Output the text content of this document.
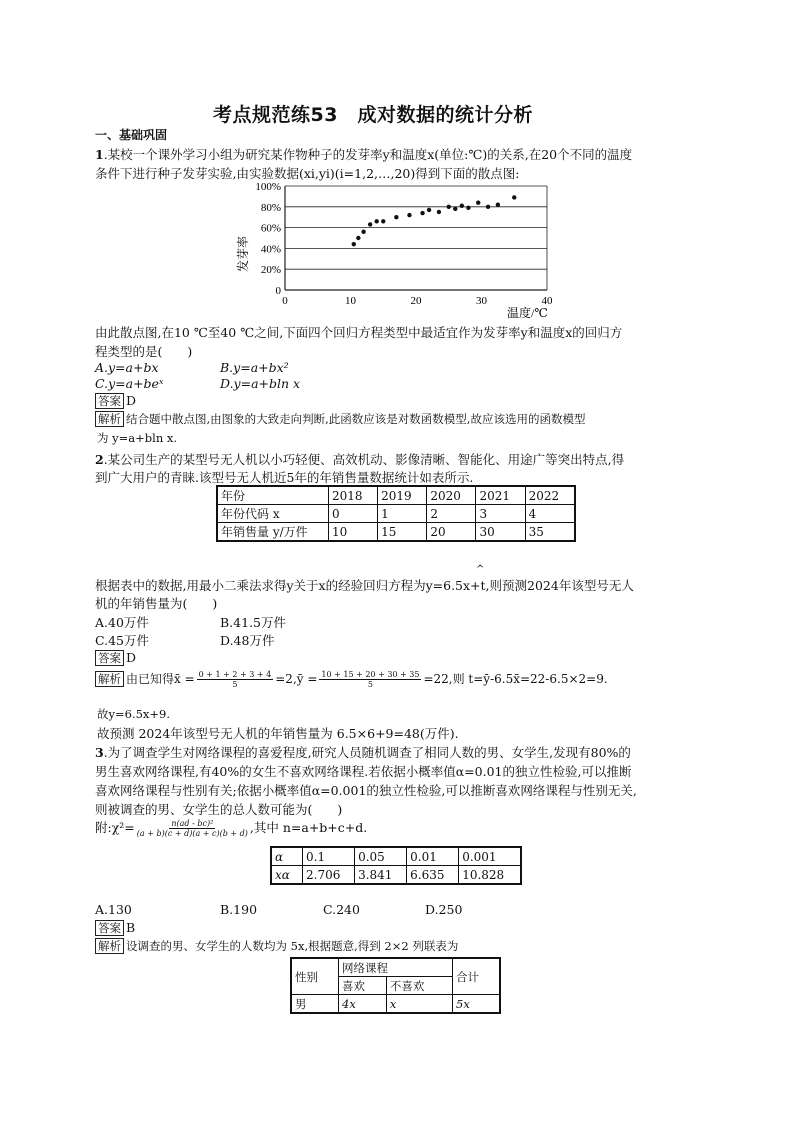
考点规范练53　成对数据的统计分析
一、基础巩固
1.某校一个课外学习小组为研究某作物种子的发芽率y和温度x(单位:℃)的关系,在20个不同的温度
条件下进行种子发芽实验,由实验数据(xi,yi)(i=1,2,…,20)得到下面的散点图:
0
20%
40%
60%
80%
100%
0	10	20	30	40
发芽率
温度/℃
由此散点图,在10 ℃至40 ℃之间,下面四个回归方程类型中最适宜作为发芽率y和温度x的回归方
程类型的是(　　)
A.y=a+bx	B.y=a+bx²
C.y=a+beˣ	D.y=a+bln x
答案 D
解析 结合题中散点图,由图象的大致走向判断,此函数应该是对数函数模型,故应该选用的函数模型
为 y=a+bln x.
2.某公司生产的某型号无人机以小巧轻便、高效机动、影像清晰、智能化、用途广等突出特点,得
到广大用户的青睐.该型号无人机近5年的年销售量数据统计如表所示.
年份	2018	2019	2020	2021	2022
年份代码 x	0	1	2	3	4
年销售量 y/万件	10	15	20	30	35
^
根据表中的数据,用最小二乘法求得y关于x的经验回归方程为y=6.5x+t,则预测2024年该型号无人
机的年销售量为(　　)
A.40万件	B.41.5万件
C.45万件	D.48万件
答案 D
解析 由已知得x̄ = $\frac{0 + 1 + 2 + 3 + 4}{5}$ =2,ȳ = $\frac{10 + 15 + 20 + 30 + 35}{5} =22$,则 t=ȳ-6.5x̄=22-6.5×2=9.
故y=6.5x+9.
故预测 2024年该型号无人机的年销售量为 6.5×6+9=48(万件).
3.为了调查学生对网络课程的喜爱程度,研究人员随机调查了相同人数的男、女学生,发现有80%的
男生喜欢网络课程,有40%的女生不喜欢网络课程.若依据小概率值α=0.01的独立性检验,可以推断
喜欢网络课程与性别有关;依据小概率值α=0.001的独立性检验,可以推断喜欢网络课程与性别无关,
则被调查的男、女学生的总人数可能为(　　)
附:χ²= $\frac{\text{n(ad - bc)²}}{(a + b)(c + d)(a + c)(b + d)}$ ,其中 n=a+b+c+d.
α	0.1	0.05	0.01	0.001
xα	2.706	3.841	6.635	10.828
A.130	B.190	C.240	D.250
答案 B
解析 设调查的男、女学生的人数均为 5x,根据题意,得到 2×2 列联表为
性别	网络课程		合计
	喜欢	不喜欢	
男	4x	x	5x
